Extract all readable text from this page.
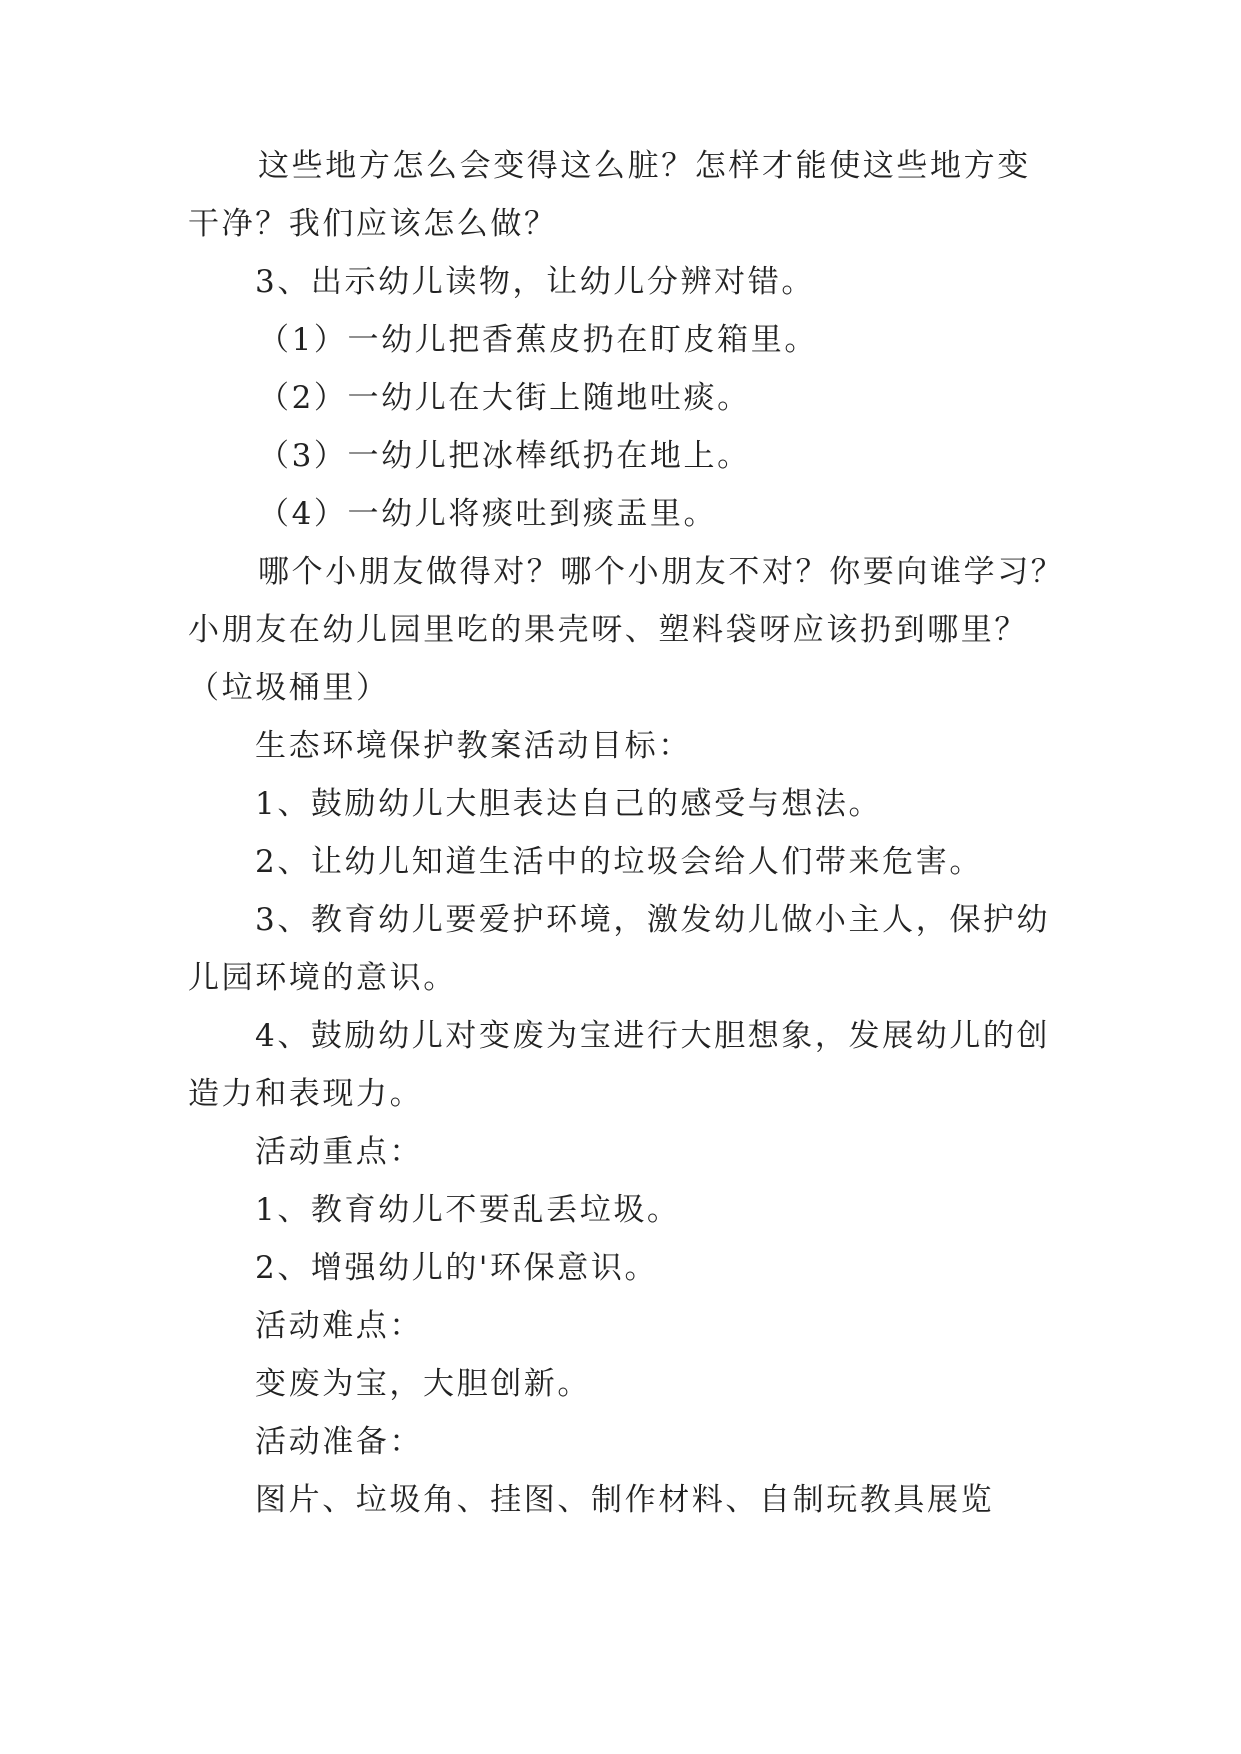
这些地方怎么会变得这么脏？怎样才能使这些地方变
干净？我们应该怎么做？
3、出示幼儿读物，让幼儿分辨对错。
（1）一幼儿把香蕉皮扔在盯皮箱里。
（2）一幼儿在大街上随地吐痰。
（3）一幼儿把冰棒纸扔在地上。
（4）一幼儿将痰吐到痰盂里。
哪个小朋友做得对？哪个小朋友不对？你要向谁学习？
小朋友在幼儿园里吃的果壳呀、塑料袋呀应该扔到哪里？
（垃圾桶里）
生态环境保护教案活动目标：
1、鼓励幼儿大胆表达自己的感受与想法。
2、让幼儿知道生活中的垃圾会给人们带来危害。
3、教育幼儿要爱护环境，激发幼儿做小主人，保护幼
儿园环境的意识。
4、鼓励幼儿对变废为宝进行大胆想象，发展幼儿的创
造力和表现力。
活动重点：
1、教育幼儿不要乱丢垃圾。
2、增强幼儿的'环保意识。
活动难点：
变废为宝，大胆创新。
活动准备：
图片、垃圾角、挂图、制作材料、自制玩教具展览
